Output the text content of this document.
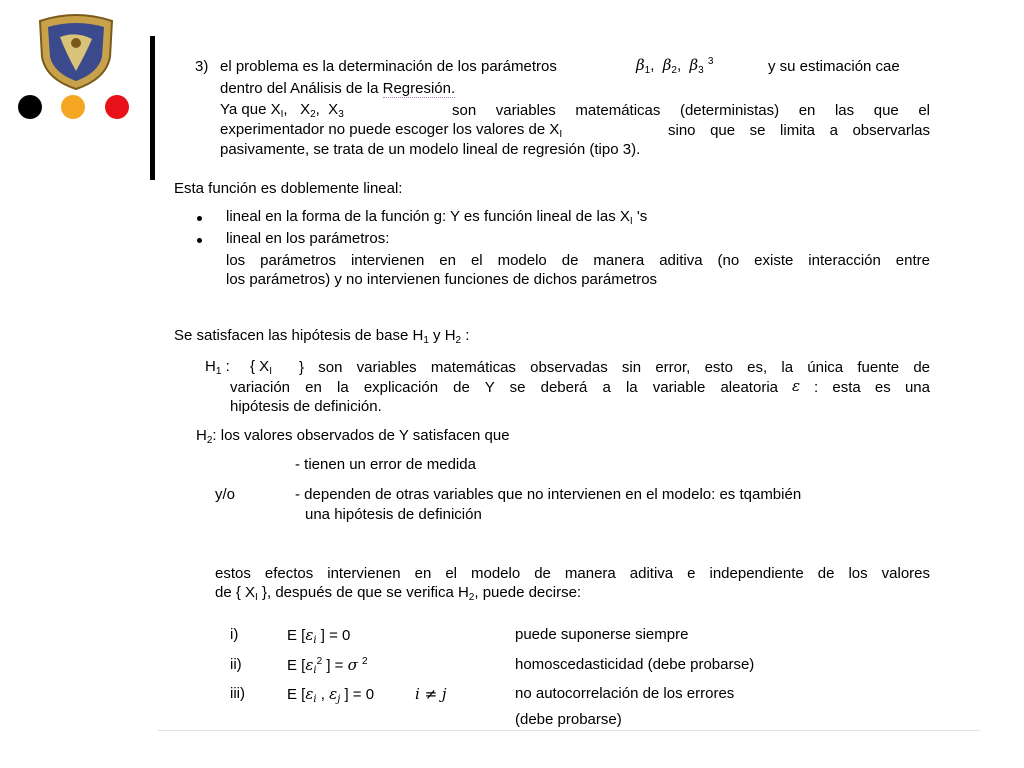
3) el problema es la determinación de los parámetros	$\beta_1$, $\beta_2$, $\beta_3$ $^3$	y su estimación cae
dentro del Análisis de la Regresión.
Ya que $X_I$, $X_2$, $X_3$	son variables matemáticas (deterministas) en las que el
experimentador no puede escoger los valores de $X_I$	sino que se limita a observarlas
pasivamente, se trata de un modelo lineal de regresión (tipo 3).
Esta función es doblemente lineal:
lineal en la forma de la función g: Y es función lineal de las $X_I$ 's
lineal en los parámetros:
los parámetros intervienen en el modelo de manera aditiva (no existe interacción entre
los parámetros) y no intervienen funciones de dichos parámetros
Se satisfacen las hipótesis de base $H_1$ y $H_2$ :
$H_1$ : { $X_I$ } son variables matemáticas observadas sin error, esto es, la única fuente de
variación en la explicación de Y se deberá a la variable aleatoria ε : esta es una
hipótesis de definición.
$H_2$: los valores observados de Y satisfacen que
- tienen un error de medida
y/o	- dependen de otras variables que no intervienen en el modelo: es tqambién
una hipótesis de definición
estos efectos intervienen en el modelo de manera aditiva e independiente de los valores
de { $X_I$ }, después de que se verifica $H_2$, puede decirse:
i)	E [$\varepsilon_i$ ] = 0	puede suponerse siempre
ii)	E [$\varepsilon_i^2$ ] = σ $^2$	homoscedasticidad (debe probarse)
iii)	E [$\varepsilon_i$ , $\varepsilon_j$ ] = 0	i ≠ j	no autocorrelación de los errores
(debe probarse)
